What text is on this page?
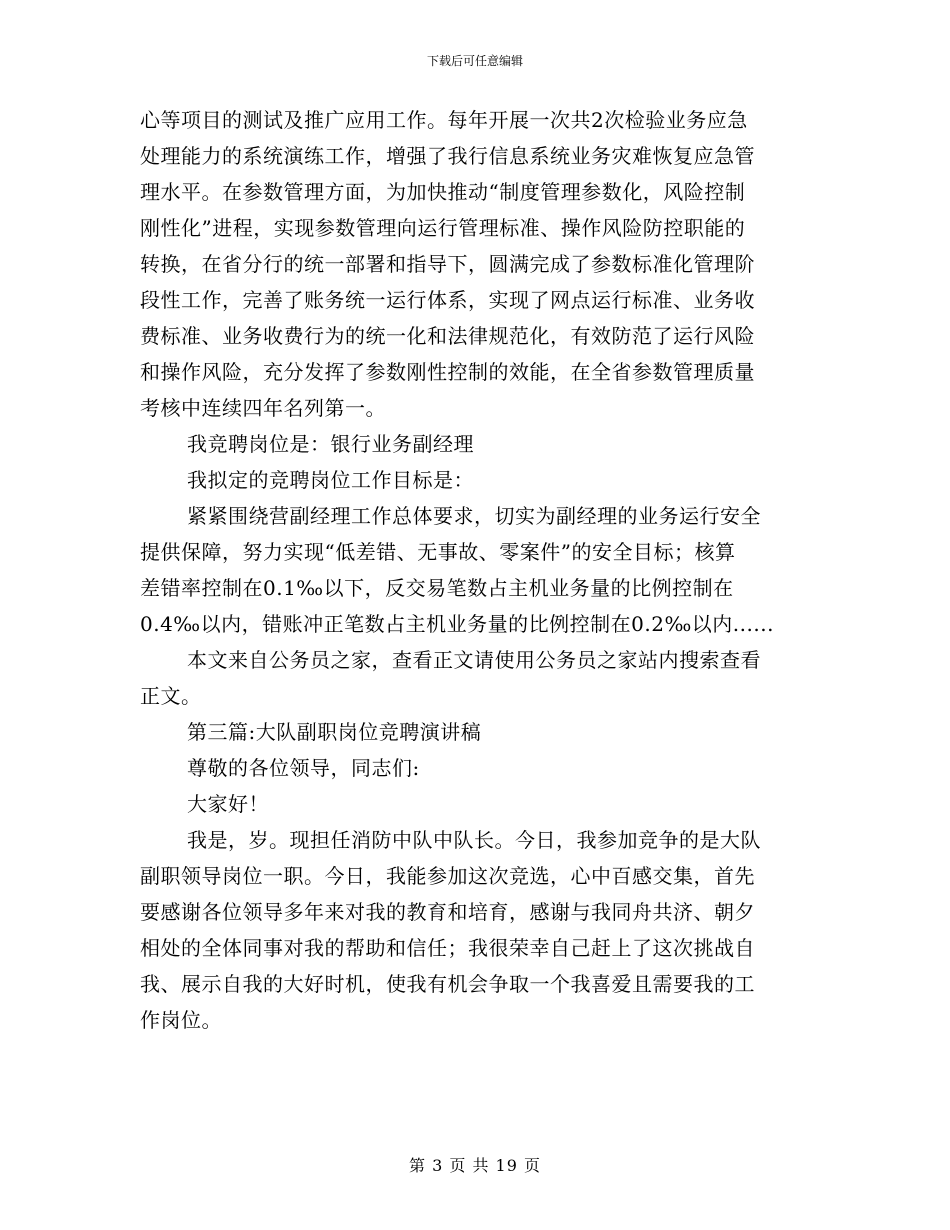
下载后可任意编辑
心等项目的测试及推广应用工作。每年开展一次共2次检验业务应急
处理能力的系统演练工作，增强了我行信息系统业务灾难恢复应急管
理水平。在参数管理方面，为加快推动“制度管理参数化，风险控制
刚性化”进程，实现参数管理向运行管理标准、操作风险防控职能的
转换，在省分行的统一部署和指导下，圆满完成了参数标准化管理阶
段性工作，完善了账务统一运行体系，实现了网点运行标准、业务收
费标准、业务收费行为的统一化和法律规范化，有效防范了运行风险
和操作风险，充分发挥了参数刚性控制的效能，在全省参数管理质量
考核中连续四年名列第一。
我竞聘岗位是：银行业务副经理
我拟定的竞聘岗位工作目标是：
紧紧围绕营副经理工作总体要求，切实为副经理的业务运行安全
提供保障，努力实现“低差错、无事故、零案件”的安全目标；核算
差错率控制在0.1‰以下，反交易笔数占主机业务量的比例控制在
0.4‰以内，错账冲正笔数占主机业务量的比例控制在0.2‰以内......
本文来自公务员之家，查看正文请使用公务员之家站内搜索查看
正文。
第三篇:大队副职岗位竞聘演讲稿
尊敬的各位领导，同志们:
大家好！
我是，岁。现担任消防中队中队长。今日，我参加竞争的是大队
副职领导岗位一职。今日，我能参加这次竞选，心中百感交集，首先
要感谢各位领导多年来对我的教育和培育，感谢与我同舟共济、朝夕
相处的全体同事对我的帮助和信任；我很荣幸自己赶上了这次挑战自
我、展示自我的大好时机，使我有机会争取一个我喜爱且需要我的工
作岗位。
第 3 页 共 19 页
